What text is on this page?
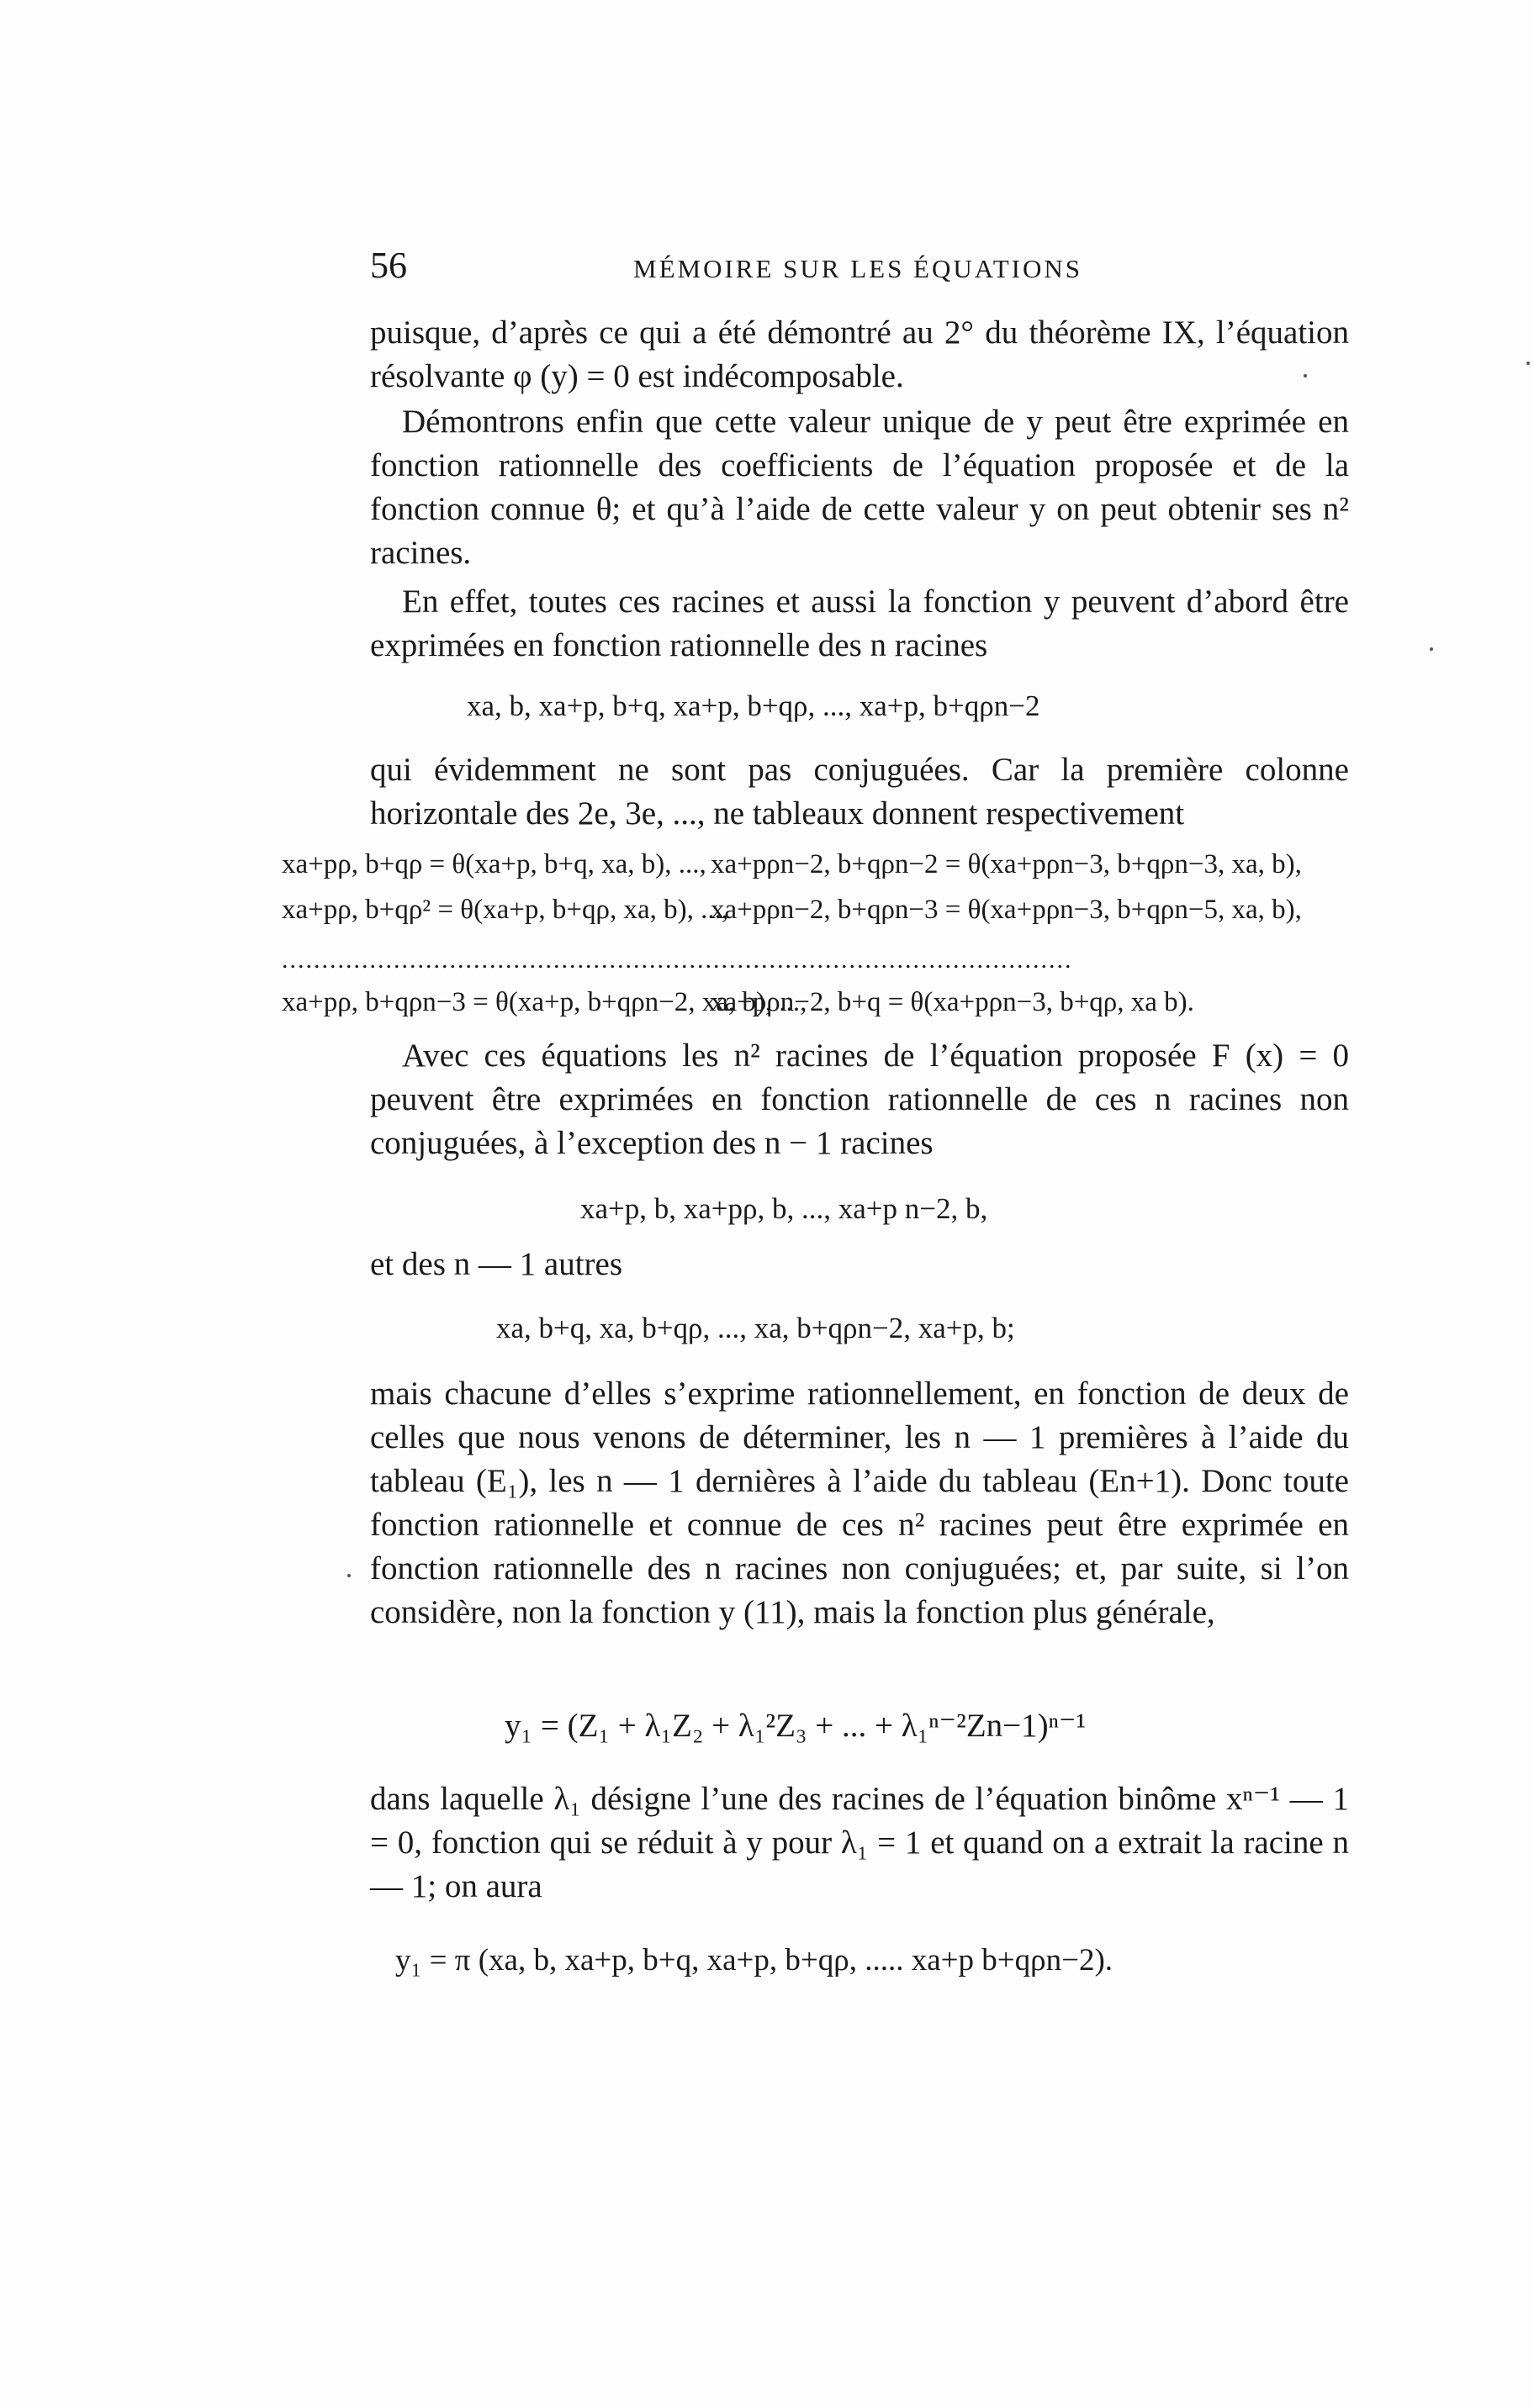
56	MÉMOIRE SUR LES ÉQUATIONS

puisque, d’après ce qui a été démontré au 2° du théorème IX, l’équation résolvante φ (y) = 0 est indécomposable.

Démontrons enfin que cette valeur unique de y peut être exprimée en fonction rationnelle des coefficients de l’équation proposée et de la fonction connue θ; et qu’à l’aide de cette valeur y on peut obtenir ses n² racines.

En effet, toutes ces racines et aussi la fonction y peuvent d’abord être exprimées en fonction rationnelle des n racines

xa, b, xa+p, b+q, xa+p, b+qρ, ..., xa+p, b+qρn−2

qui évidemment ne sont pas conjuguées. Car la première colonne horizontale des 2e, 3e, ..., ne tableaux donnent respectivement

xa+pρ, b+qρ = θ(xa+p, b+q, xa, b), ..., xa+pρn−2, b+qρn−2 = θ(xa+pρn−3, b+qρn−3, xa, b),
xa+pρ, b+qρ² = θ(xa+p, b+qρ, xa, b), ...,
xa+pρn−2, b+qρn−3 = θ(xa+pρn−3, b+qρn−5, xa, b),
xa+pρ, b+qρn−3 = θ(xa+p, b+qρn−2, xa, b), ...,
xa+pρn−2, b+q = θ(xa+pρn−3, b+qρ, xa b).
...................................................................................................

Avec ces équations les n² racines de l’équation proposée F (x) = 0 peuvent être exprimées en fonction rationnelle de ces n racines non conjuguées, à l’exception des n − 1 racines

xa+p, b, xa+pρ, b, ..., xa+p n−2, b,

et des n — 1 autres

xa, b+q, xa, b+qρ, ..., xa, b+qρn−2, xa+p, b;

mais chacune d’elles s’exprime rationnellement, en fonction de deux de celles que nous venons de déterminer, les n — 1 premières à l’aide du tableau (E₁), les n — 1 dernières à l’aide du tableau (En+1). Donc toute fonction rationnelle et connue de ces n² racines peut être exprimée en fonction rationnelle des n racines non conjuguées; et, par suite, si l’on considère, non la fonction y (11), mais la fonction plus générale,

y₁ = (Z₁ + λ₁Z₂ + λ₁²Z₃ + ... + λ₁ⁿ⁻²Zn−1)ⁿ⁻¹

dans laquelle λ₁ désigne l’une des racines de l’équation binôme xⁿ⁻¹ — 1 = 0, fonction qui se réduit à y pour λ₁ = 1 et quand on a extrait la racine n — 1; on aura

y₁ = π (xa, b, xa+p, b+q, xa+p, b+qρ, ..... xa+p b+qρn−2).
